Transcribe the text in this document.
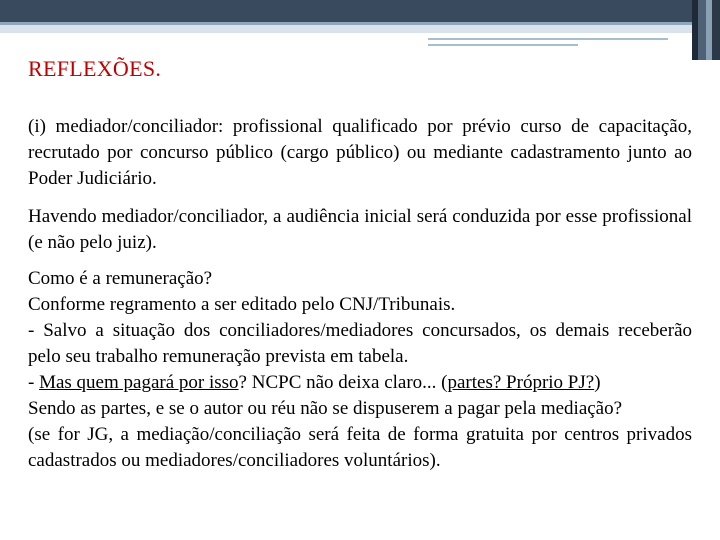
REFLEXÕES.

(i) mediador/conciliador: profissional qualificado por prévio curso de capacitação, recrutado por concurso público (cargo público) ou mediante cadastramento junto ao Poder Judiciário.

Havendo mediador/conciliador, a audiência inicial será conduzida por esse profissional (e não pelo juiz).

Como é a remuneração?

Conforme regramento a ser editado pelo CNJ/Tribunais.

- Salvo a situação dos conciliadores/mediadores concursados, os demais receberão pelo seu trabalho remuneração prevista em tabela.

- Mas quem pagará por isso? NCPC não deixa claro... (partes? Próprio PJ?)

Sendo as partes, e se o autor ou réu não se dispuserem a pagar pela mediação?

(se for JG, a mediação/conciliação será feita de forma gratuita por centros privados cadastrados ou mediadores/conciliadores voluntários).
